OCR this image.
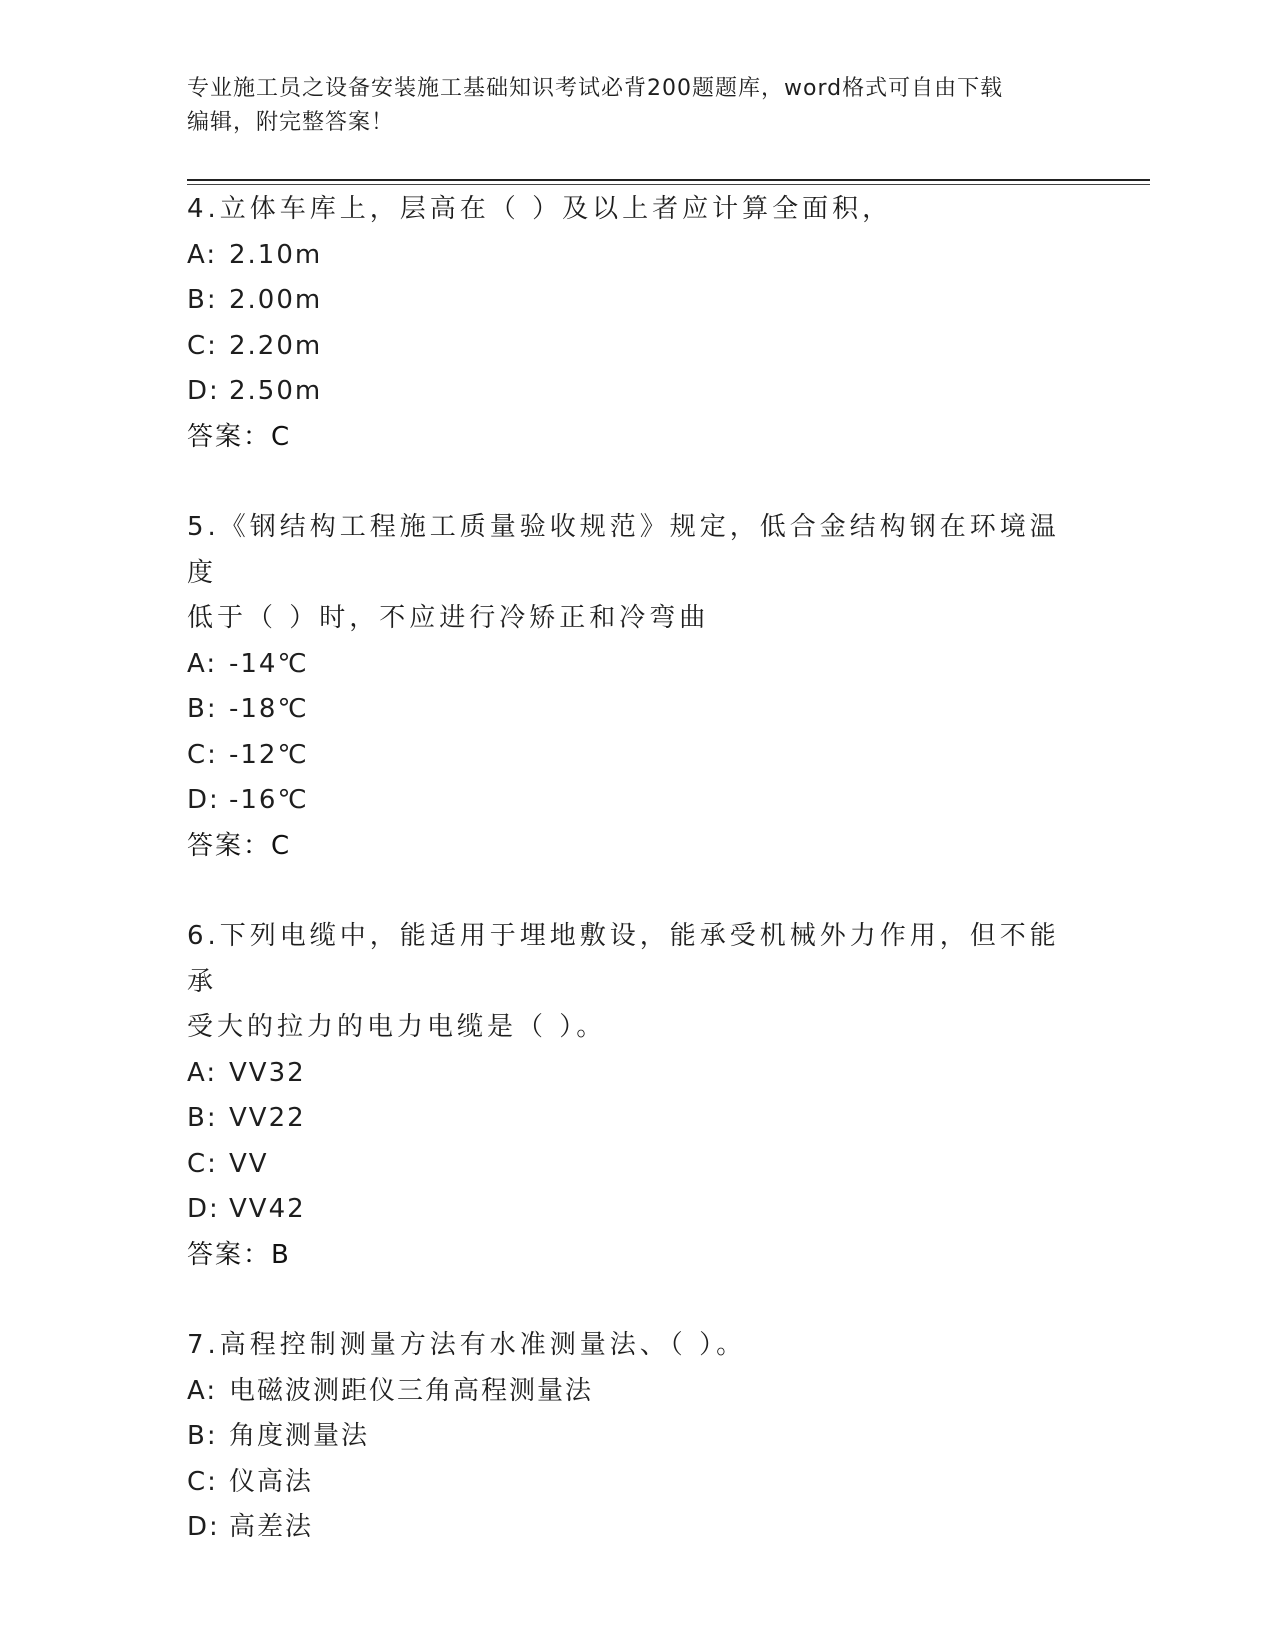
专业施工员之设备安装施工基础知识考试必背200题题库，word格式可自由下载
编辑，附完整答案！
4.立体车库上，层高在（ ）及以上者应计算全面积，
A: 2.10m
B: 2.00m
C: 2.20m
D: 2.50m
答案：C
5.《钢结构工程施工质量验收规范》规定，低合金结构钢在环境温度
低于（ ）时，不应进行冷矫正和冷弯曲
A: -14℃
B: -18℃
C: -12℃
D: -16℃
答案：C
6.下列电缆中，能适用于埋地敷设，能承受机械外力作用，但不能承
受大的拉力的电力电缆是（ ）。
A: VV32
B: VV22
C: VV
D: VV42
答案：B
7.高程控制测量方法有水准测量法、（ ）。
A: 电磁波测距仪三角高程测量法
B: 角度测量法
C: 仪高法
D: 高差法
